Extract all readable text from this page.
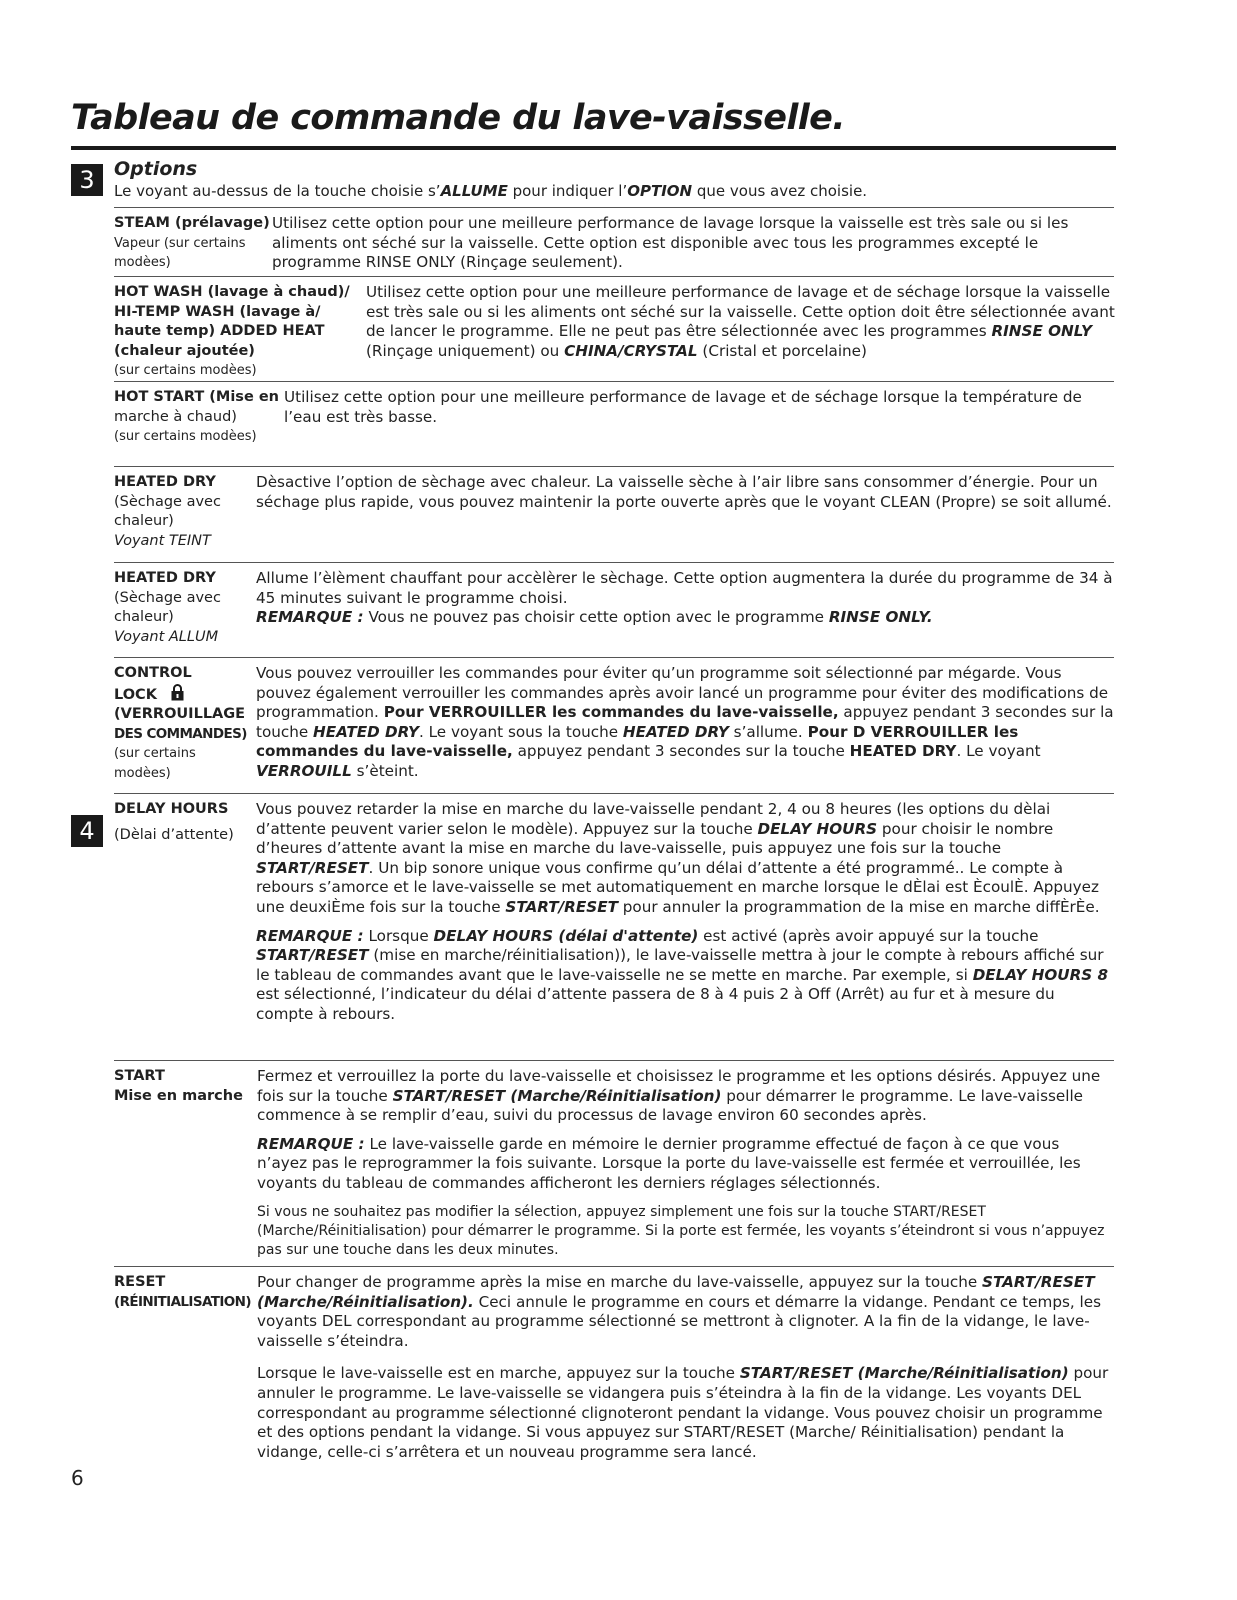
Tableau de commande du lave-vaisselle.
3	Options
Le voyant au-dessus de la touche choisie s’ALLUME pour indiquer l’OPTION que vous avez choisie.
STEAM (prélavage)
Vapeur (sur certains
modèes)

Utilisez cette option pour une meilleure performance de lavage lorsque la vaisselle est très sale ou si les aliments ont séché sur la vaisselle. Cette option est disponible avec tous les programmes excepté le programme RINSE ONLY (Rinçage seulement).

HOT WASH (lavage à chaud)/
HI-TEMP WASH (lavage à/
haute temp) ADDED HEAT
(chaleur ajoutée)
(sur certains modèes)

Utilisez cette option pour une meilleure performance de lavage et de séchage lorsque la vaisselle est très sale ou si les aliments ont séché sur la vaisselle. Cette option doit être sélectionnée avant de lancer le programme. Elle ne peut pas être sélectionnée avec les programmes RINSE ONLY (Rinçage uniquement) ou CHINA/CRYSTAL (Cristal et porcelaine)

HOT START (Mise en
marche à chaud)
(sur certains modèes)

Utilisez cette option pour une meilleure performance de lavage et de séchage lorsque la température de l’eau est très basse.

HEATED DRY
(Sèchage avec
chaleur)
Voyant TEINT

Dèsactive l’option de sèchage avec chaleur. La vaisselle sèche à l’air libre sans consommer d’énergie. Pour un séchage plus rapide, vous pouvez maintenir la porte ouverte après que le voyant CLEAN (Propre) se soit allumé.

HEATED DRY
(Sèchage avec
chaleur)
Voyant ALLUM

Allume l’èlèment chauffant pour accèlèrer le sèchage. Cette option augmentera la durée du programme de 34 à 45 minutes suivant le programme choisi.

REMARQUE : Vous ne pouvez pas choisir cette option avec le programme RINSE ONLY.

CONTROL
LOCK
(VERROUILLAGE
DES COMMANDES)
(sur certains
modèes)

Vous pouvez verrouiller les commandes pour éviter qu’un programme soit sélectionné par mégarde. Vous pouvez également verrouiller les commandes après avoir lancé un programme pour éviter des modifications de programmation. Pour VERROUILLER les commandes du lave-vaisselle, appuyez pendant 3 secondes sur la touche HEATED DRY. Le voyant sous la touche HEATED DRY s’allume. Pour D VERROUILLER les commandes du lave-vaisselle, appuyez pendant 3 secondes sur la touche HEATED DRY. Le voyant VERROUILL s’èteint.

4
DELAY HOURS
(Dèlai d’attente)

Vous pouvez retarder la mise en marche du lave-vaisselle pendant 2, 4 ou 8 heures (les options du dèlai d’attente peuvent varier selon le modèle). Appuyez sur la touche DELAY HOURS pour choisir le nombre d’heures d’attente avant la mise en marche du lave-vaisselle, puis appuyez une fois sur la touche START/RESET. Un bip sonore unique vous confirme qu’un délai d’attente a été programmé.. Le compte à rebours s’amorce et le lave-vaisselle se met automatiquement en marche lorsque le dÈlai est ÈcoulÈ. Appuyez une deuxiÈme fois sur la touche START/RESET pour annuler la programmation de la mise en marche diffÈrÈe.

REMARQUE : Lorsque DELAY HOURS (délai d'attente) est activé (après avoir appuyé sur la touche START/RESET (mise en marche/réinitialisation)), le lave-vaisselle mettra à jour le compte à rebours affiché sur le tableau de commandes avant que le lave-vaisselle ne se mette en marche. Par exemple, si DELAY HOURS 8 est sélectionné, l’indicateur du délai d’attente passera de 8 à 4 puis 2 à Off (Arrêt) au fur et à mesure du compte à rebours.

START
Mise en marche

Fermez et verrouillez la porte du lave-vaisselle et choisissez le programme et les options désirés. Appuyez une fois sur la touche START/RESET (Marche/Réinitialisation) pour démarrer le programme. Le lave-vaisselle commence à se remplir d’eau, suivi du processus de lavage environ 60 secondes après.

REMARQUE : Le lave-vaisselle garde en mémoire le dernier programme effectué de façon à ce que vous n’ayez pas le reprogrammer la fois suivante. Lorsque la porte du lave-vaisselle est fermée et verrouillée, les voyants du tableau de commandes afficheront les derniers réglages sélectionnés.

Si vous ne souhaitez pas modifier la sélection, appuyez simplement une fois sur la touche START/RESET (Marche/Réinitialisation) pour démarrer le programme. Si la porte est fermée, les voyants s’éteindront si vous n’appuyez pas sur une touche dans les deux minutes.

RESET
(RÉINITIALISATION)

Pour changer de programme après la mise en marche du lave-vaisselle, appuyez sur la touche START/RESET (Marche/Réinitialisation). Ceci annule le programme en cours et démarre la vidange. Pendant ce temps, les voyants DEL correspondant au programme sélectionné se mettront à clignoter. A la fin de la vidange, le lave-vaisselle s’éteindra.

Lorsque le lave-vaisselle est en marche, appuyez sur la touche START/RESET (Marche/Réinitialisation) pour annuler le programme. Le lave-vaisselle se vidangera puis s’éteindra à la fin de la vidange. Les voyants DEL correspondant au programme sélectionné clignoteront pendant la vidange. Vous pouvez choisir un programme et des options pendant la vidange. Si vous appuyez sur START/RESET (Marche/ Réinitialisation) pendant la vidange, celle-ci s’arrêtera et un nouveau programme sera lancé.

6
